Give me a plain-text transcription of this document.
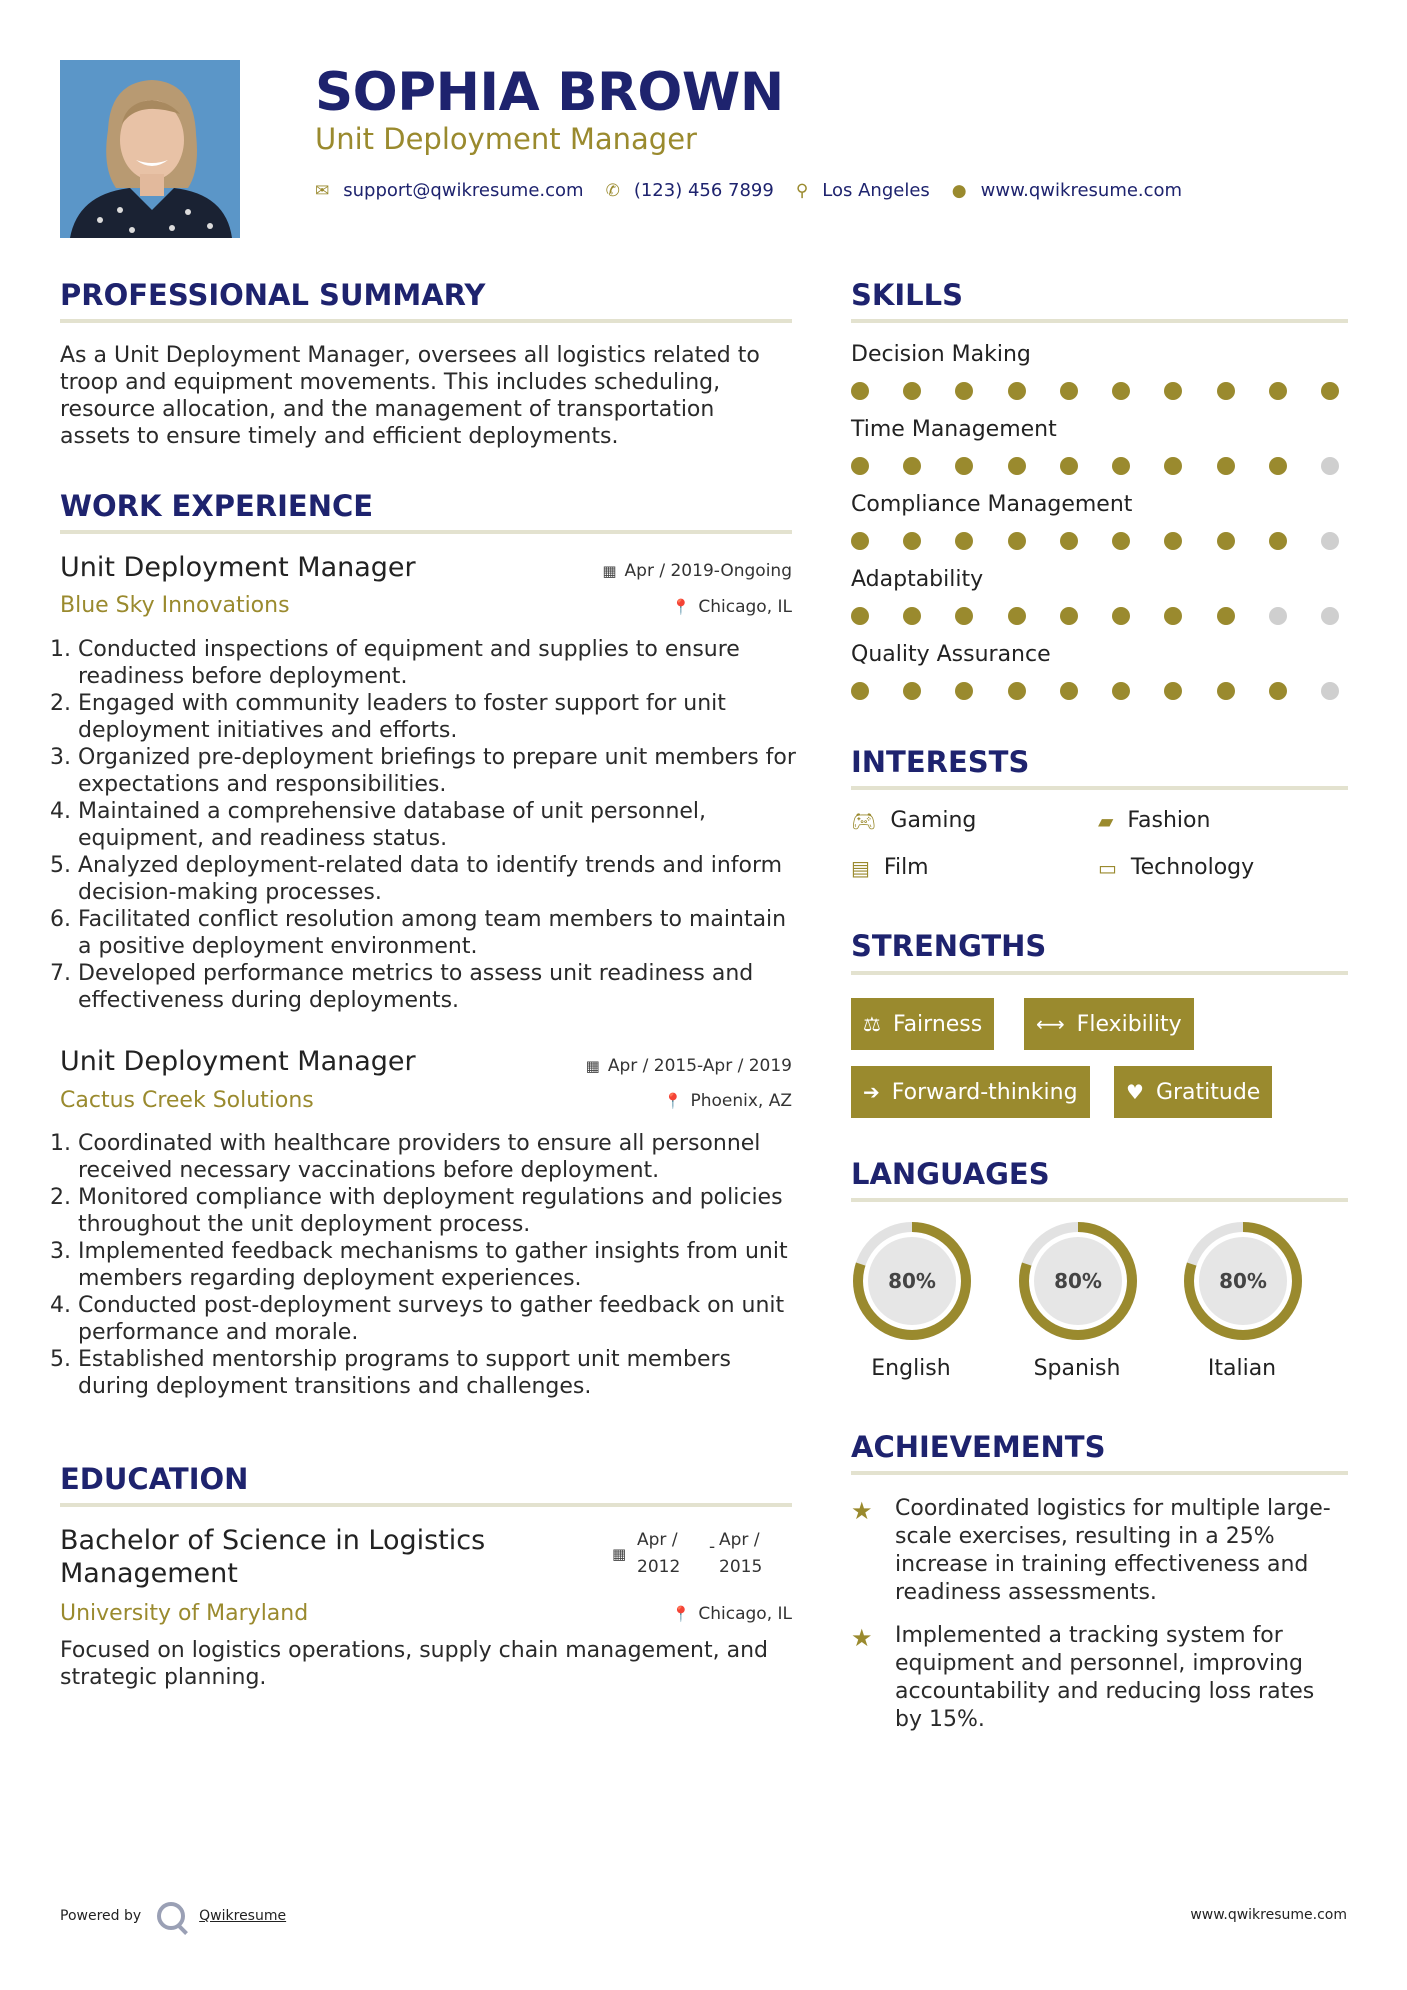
SOPHIA BROWN
Unit Deployment Manager
✉ support@qwikresume.com ✆ (123) 456 7899 ⚲ Los Angeles ● www.qwikresume.com
PROFESSIONAL SUMMARY
As a Unit Deployment Manager, oversees all logistics related to
troop and equipment movements. This includes scheduling,
resource allocation, and the management of transportation
assets to ensure timely and efficient deployments.
WORK EXPERIENCE
Unit Deployment Manager	▦ Apr / 2019-Ongoing
Blue Sky Innovations	📍 Chicago, IL
1. Conducted inspections of equipment and supplies to ensure readiness before deployment.
2. Engaged with community leaders to foster support for unit deployment initiatives and efforts.
3. Organized pre-deployment briefings to prepare unit members for expectations and responsibilities.
4. Maintained a comprehensive database of unit personnel, equipment, and readiness status.
5. Analyzed deployment-related data to identify trends and inform decision-making processes.
6. Facilitated conflict resolution among team members to maintain a positive deployment environment.
7. Developed performance metrics to assess unit readiness and effectiveness during deployments.
Unit Deployment Manager	▦ Apr / 2015-Apr / 2019
Cactus Creek Solutions	📍 Phoenix, AZ
1. Coordinated with healthcare providers to ensure all personnel received necessary vaccinations before deployment.
2. Monitored compliance with deployment regulations and policies throughout the unit deployment process.
3. Implemented feedback mechanisms to gather insights from unit members regarding deployment experiences.
4. Conducted post-deployment surveys to gather feedback on unit performance and morale.
5. Established mentorship programs to support unit members during deployment transitions and challenges.
EDUCATION
Bachelor of Science in Logistics
Management
▦
Apr /
2012
- Apr /
2015
University of Maryland	📍 Chicago, IL
Focused on logistics operations, supply chain management, and
strategic planning.
SKILLS
Decision Making
Time Management
Compliance Management
Adaptability
Quality Assurance
INTERESTS
🎮︎ Gaming	▰ Fashion
▤ Film	▭ Technology
STRENGTHS
⚖ Fairness	⟷ Flexibility
➔ Forward-thinking ♥ Gratitude
LANGUAGES
80%
English
80%
Spanish
80%
Italian
ACHIEVEMENTS
★	Coordinated logistics for multiple large-
scale exercises, resulting in a 25%
increase in training effectiveness and
readiness assessments.
★	Implemented a tracking system for
equipment and personnel, improving
accountability and reducing loss rates
by 15%.
Powered by	Qwikresume	www.qwikresume.com
